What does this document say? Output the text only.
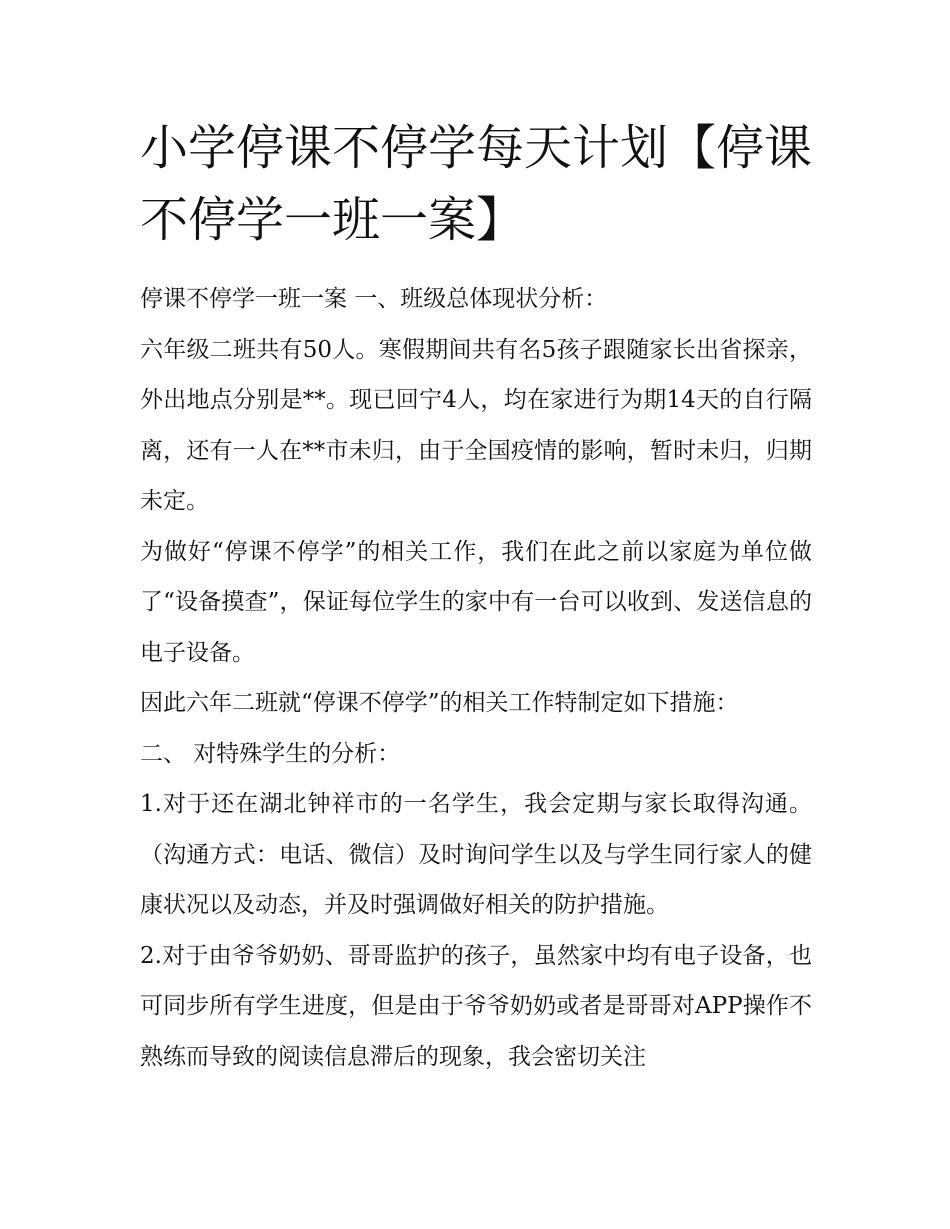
小学停课不停学每天计划【停课不停学一班一案】

停课不停学一班一案 一、班级总体现状分析：

六年级二班共有50人。寒假期间共有名5孩子跟随家长出省探亲，外出地点分别是**。现已回宁4人，均在家进行为期14天的自行隔离，还有一人在**市未归，由于全国疫情的影响，暂时未归，归期未定。

为做好“停课不停学”的相关工作，我们在此之前以家庭为单位做了“设备摸查”，保证每位学生的家中有一台可以收到、发送信息的电子设备。

因此六年二班就“停课不停学”的相关工作特制定如下措施：

二、 对特殊学生的分析：

1.对于还在湖北钟祥市的一名学生，我会定期与家长取得沟通。（沟通方式：电话、微信）及时询问学生以及与学生同行家人的健康状况以及动态，并及时强调做好相关的防护措施。

2.对于由爷爷奶奶、哥哥监护的孩子，虽然家中均有电子设备，也可同步所有学生进度，但是由于爷爷奶奶或者是哥哥对APP操作不熟练而导致的阅读信息滞后的现象，我会密切关注
